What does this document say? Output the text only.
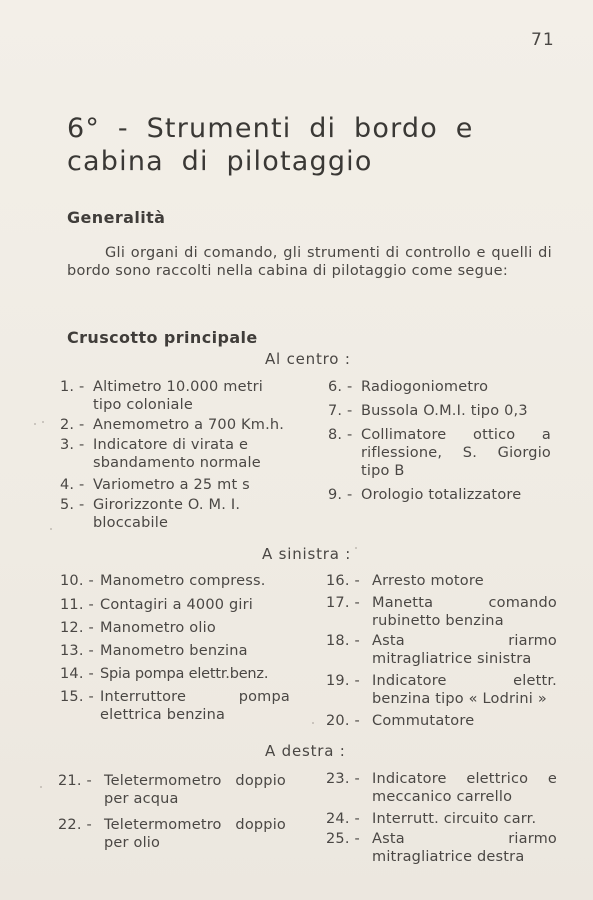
71
6° - Strumenti di bordo e cabina di pilotaggio
Generalità
Gli organi di comando, gli strumenti di controllo e quelli di bordo sono raccolti nella cabina di pilotaggio come segue:
Cruscotto principale
Al centro :
1. - Altimetro 10.000 metri tipo coloniale
2. - Anemometro a 700 Km.h.
3. - Indicatore di virata e sbandamento normale
4. - Variometro a 25 mt s
5. - Girorizzonte O. M. I. bloccabile
6. - Radiogoniometro
7. - Bussola O.M.I. tipo 0,3
8. - Collimatore ottico a riflessione, S. Giorgio tipo B
9. - Orologio totalizzatore
A sinistra :
10. - Manometro compress.
11. - Contagiri a 4000 giri
12. - Manometro olio
13. - Manometro benzina
14. - Spia pompa elettr.benz.
15. - Interruttore pompa elettrica benzina
16. - Arresto motore
17. - Manetta comando rubinetto benzina
18. - Asta riarmo mitragliatrice sinistra
19. - Indicatore elettr. benzina tipo « Lodrini »
20. - Commutatore
A destra :
21. - Teletermometro doppio per acqua
22. - Teletermometro doppio per olio
23. - Indicatore elettrico e meccanico carrello
24. - Interrutt. circuito carr.
25. - Asta riarmo mitragliatrice destra
